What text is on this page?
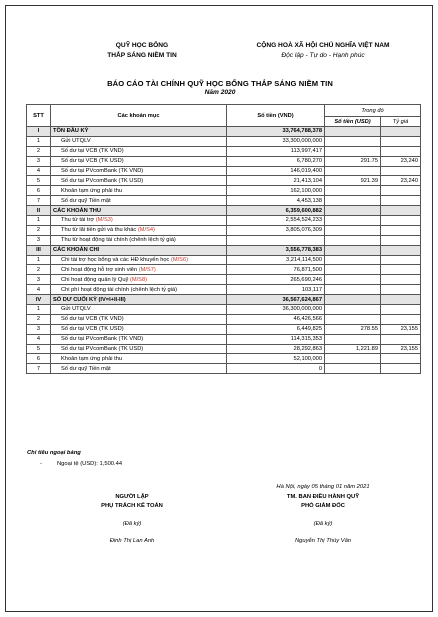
QUỸ HỌC BỔNG
THẮP SÁNG NIỀM TIN
CỘNG HOÀ XÃ HỘI CHỦ NGHĨA VIỆT NAM
Độc lập - Tự do - Hạnh phúc
BÁO CÁO TÀI CHÍNH QUỸ HỌC BỔNG THẮP SÁNG NIỀM TIN
Năm 2020
STT	Các khoản mục	Số tiền (VND)	Trong đó	
			Số tiền (USD)	Tỷ giá
I	TỒN ĐẦU KỲ	33,764,788,378		
1	Gửi UTQLV	33,300,000,000		
2	Số dư tại VCB (TK VND)	113,997,417		
3	Số dư tại VCB (TK USD)	6,780,270	291.75	23,240
4	Số dư tại PVcomBank (TK VND)	146,019,400		
5	Số dư tại PVcomBank (TK USD)	21,413,104	921.39	23,240
6	Khoản tạm ứng phải thu	162,100,000		
7	Số dư quỹ Tiền mặt	4,453,138		
II	CÁC KHOẢN THU	6,359,600,882		
1	Thu từ tài trợ (M/S3)	2,554,524,233		
2	Thu từ lãi tiền gửi và thu khác (M/S4)	3,805,076,309		
3	Thu từ hoạt động tài chính (chênh lệch tỷ giá)			
III	CÁC KHOẢN CHI	3,556,778,383		
1	Chi tài trợ học bổng và các HĐ khuyến học (M/S6)	3,214,114,500		
2	Chi hoạt động hỗ trợ sinh viên (M/S7)	76,871,500		
3	Chi hoạt động quản lý Quỹ (M/S8)	265,690,246		
4	Chi phí hoạt động tài chính (chênh lệch tỷ giá)	103,117		
IV	SỐ DƯ CUỐI KỲ (IV=I+II-III)	36,567,624,867		
1	Gửi UTQLV	36,300,000,000		
2	Số dư tại VCB (TK VND)	46,426,566		
3	Số dư tại VCB (TK USD)	6,449,825	278.55	23,155
4	Số dư tại PVcomBank (TK VND)	114,315,353		
5	Số dư tại PVcomBank (TK USD)	28,292,863	1,221.89	23,155
6	Khoản tạm ứng phải thu	52,100,000		
7	Số dư quỹ Tiền mặt	0		
Chỉ tiêu ngoại bảng
-	Ngoại tệ (USD): 1,500.44
Hà Nội, ngày 05 tháng 01 năm 2021
NGƯỜI LẬP
PHỤ TRÁCH KẾ TOÁN
TM. BAN ĐIỀU HÀNH QUỸ
PHÓ GIÁM ĐỐC
(Đã ký)	(Đã ký)
Đinh Thị Lan Anh	Nguyễn Thị Thúy Vân
